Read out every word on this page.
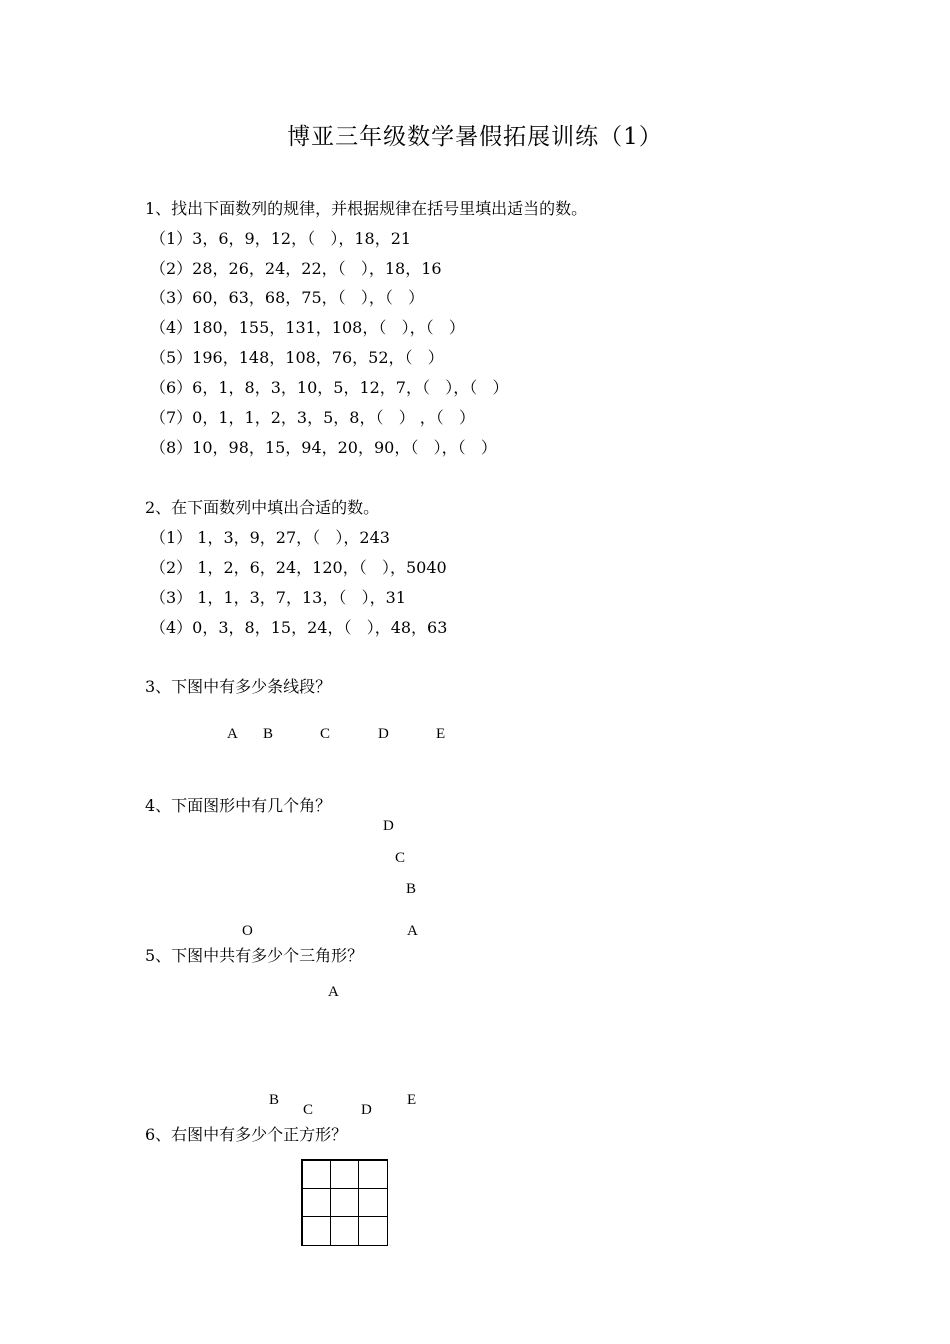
博亚三年级数学暑假拓展训练（1）
1、找出下面数列的规律，并根据规律在括号里填出适当的数。
（1）3，6，9，12，（   ），18，21
（2）28，26，24，22，（   ），18，16
（3）60，63，68，75，（   ），（   ）
（4）180，155，131，108，（   ），（   ）
（5）196，148，108，76，52，（   ）
（6）6，1，8，3，10，5，12，7，（   ），（   ）
（7）0，1，1，2，3，5，8，（   ） ，（   ）
（8）10，98，15，94，20，90，（   ），（   ）
2、在下面数列中填出合适的数。
（1） 1，3，9，27，（   ），243
（2） 1，2，6，24，120，（   ），5040
（3） 1，1，3，7，13，（   ），31
（4）0，3，8，15，24，（   ），48，63
3、下图中有多少条线段？
A B	C	D	E
4、下面图形中有几个角？
D
C
B
O	A
5、下图中共有多少个三角形？
A
B
C	D
E
6、右图中有多少个正方形？
